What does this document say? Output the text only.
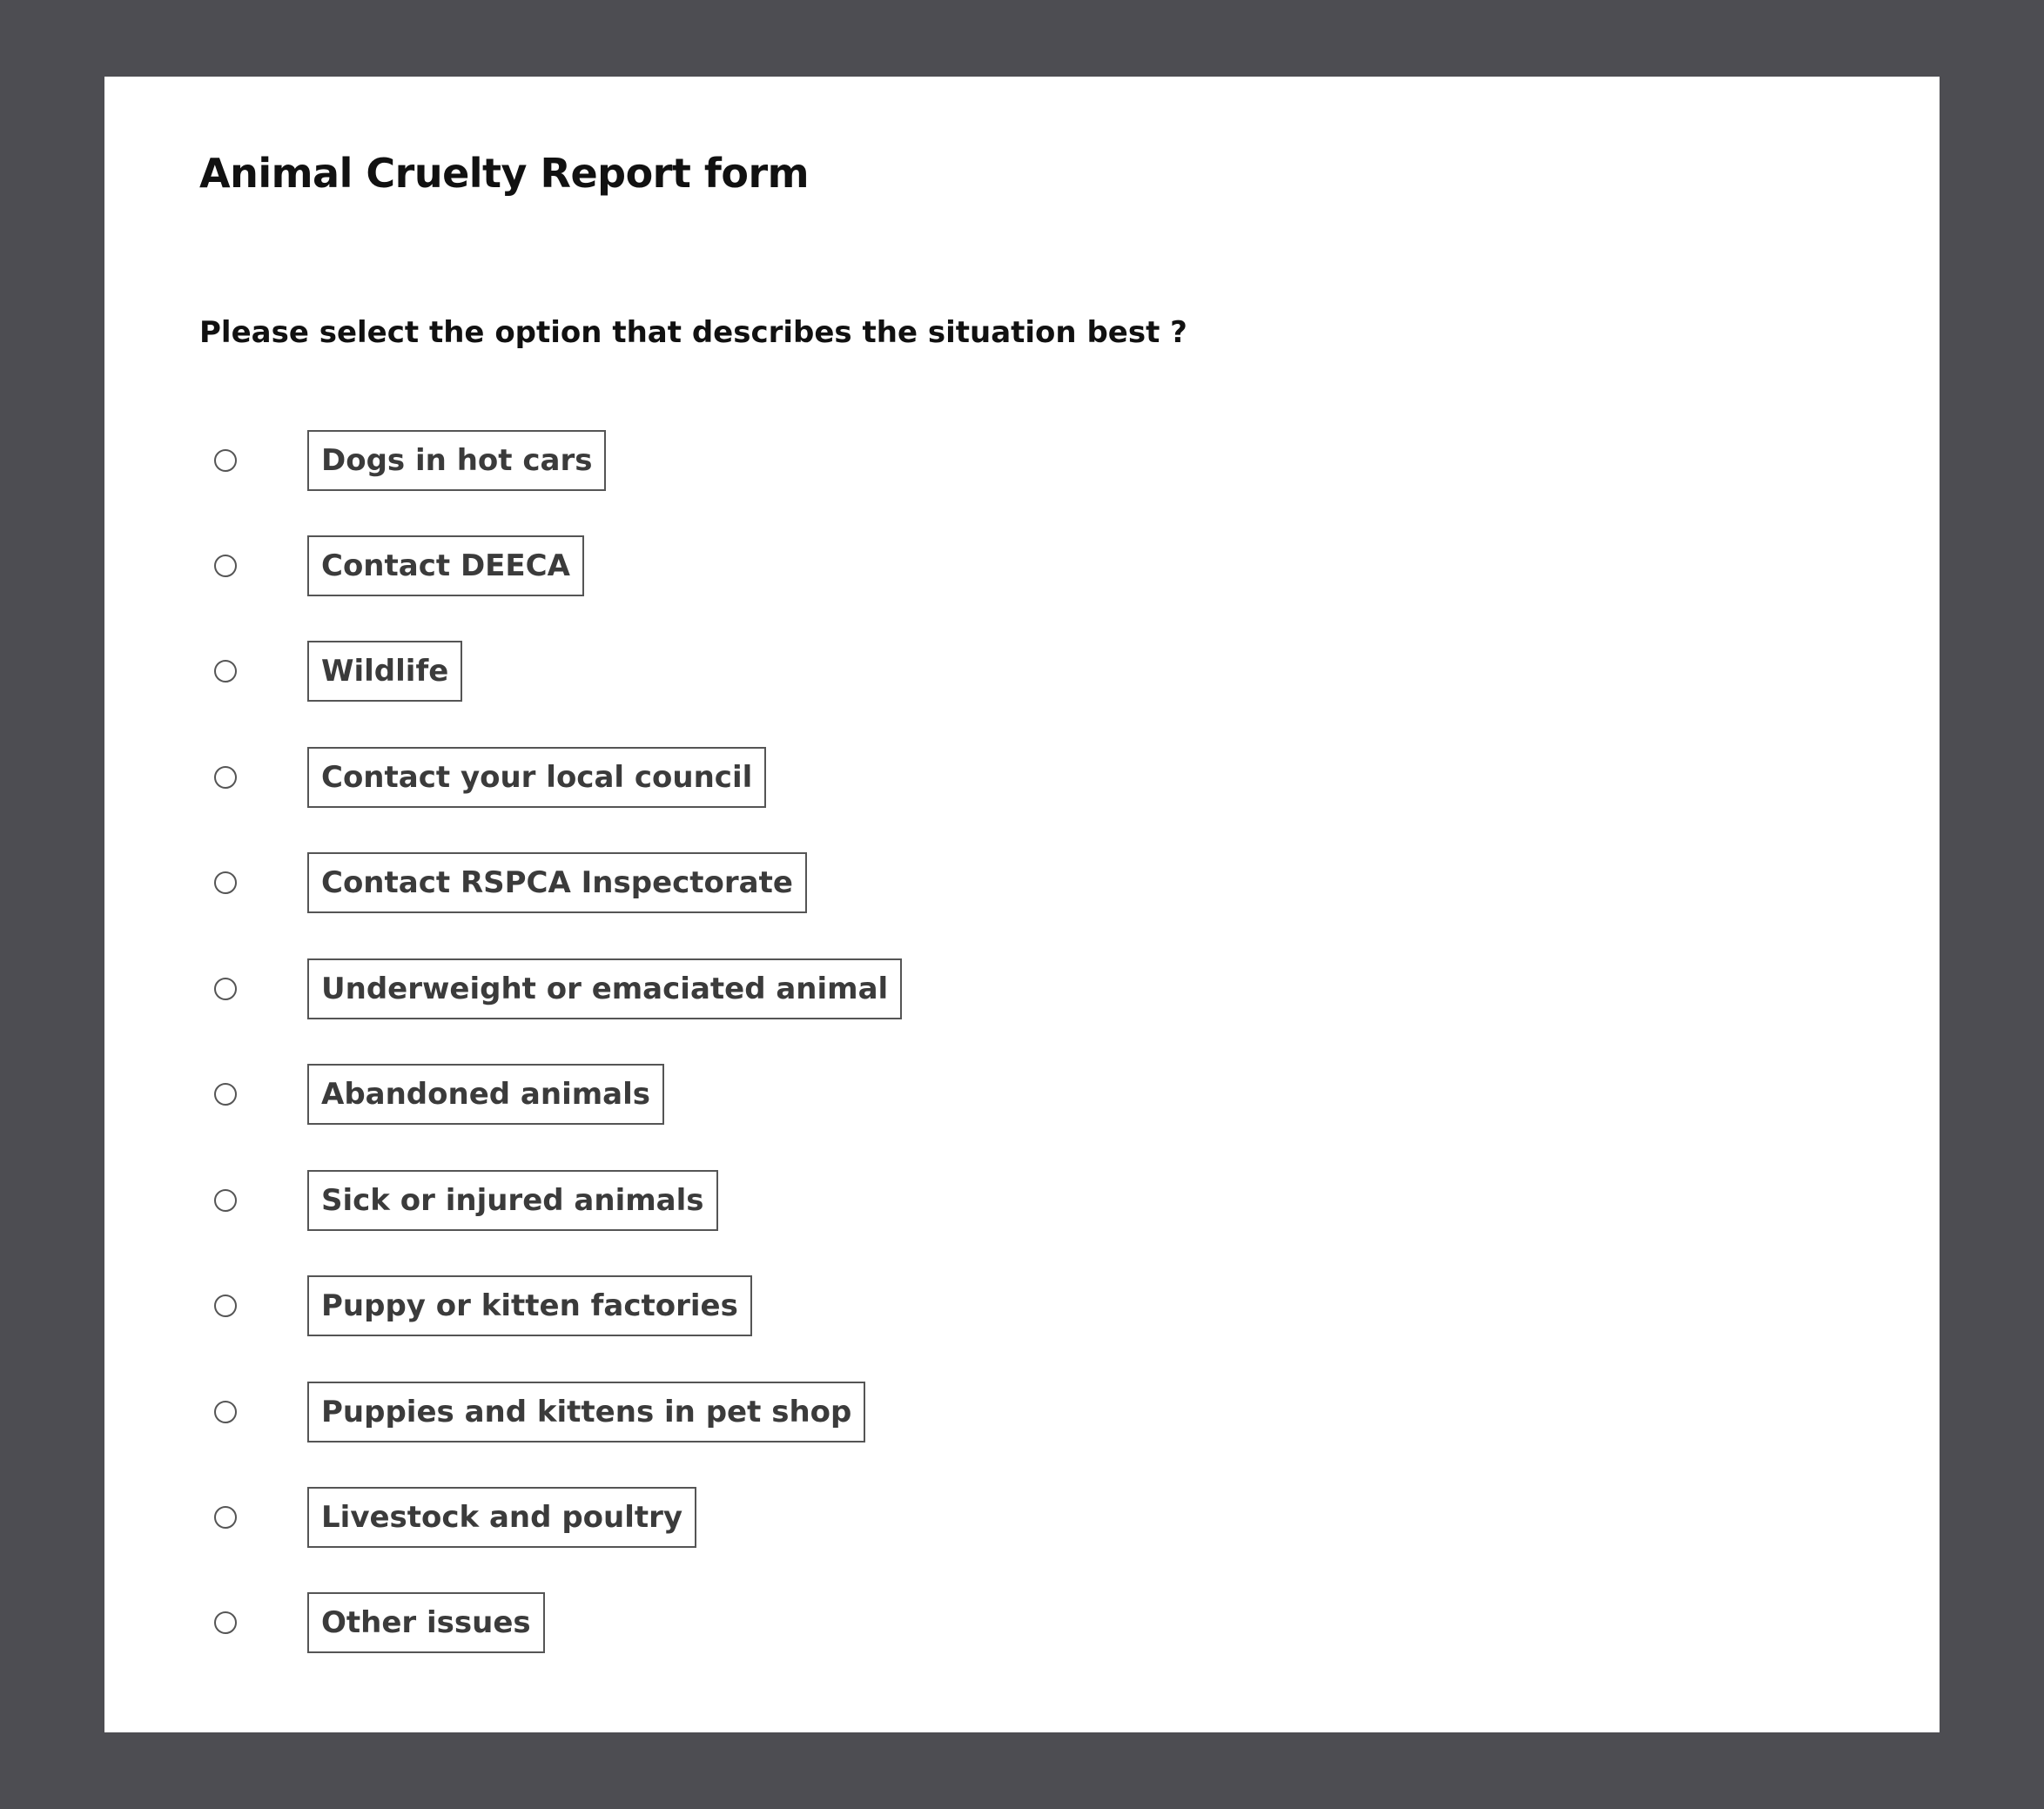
Animal Cruelty Report form

Please select the option that describes the situation best ?

Dogs in hot cars
Contact DEECA
Wildlife
Contact your local council
Contact RSPCA Inspectorate
Underweight or emaciated animal
Abandoned animals
Sick or injured animals
Puppy or kitten factories
Puppies and kittens in pet shop
Livestock and poultry
Other issues
